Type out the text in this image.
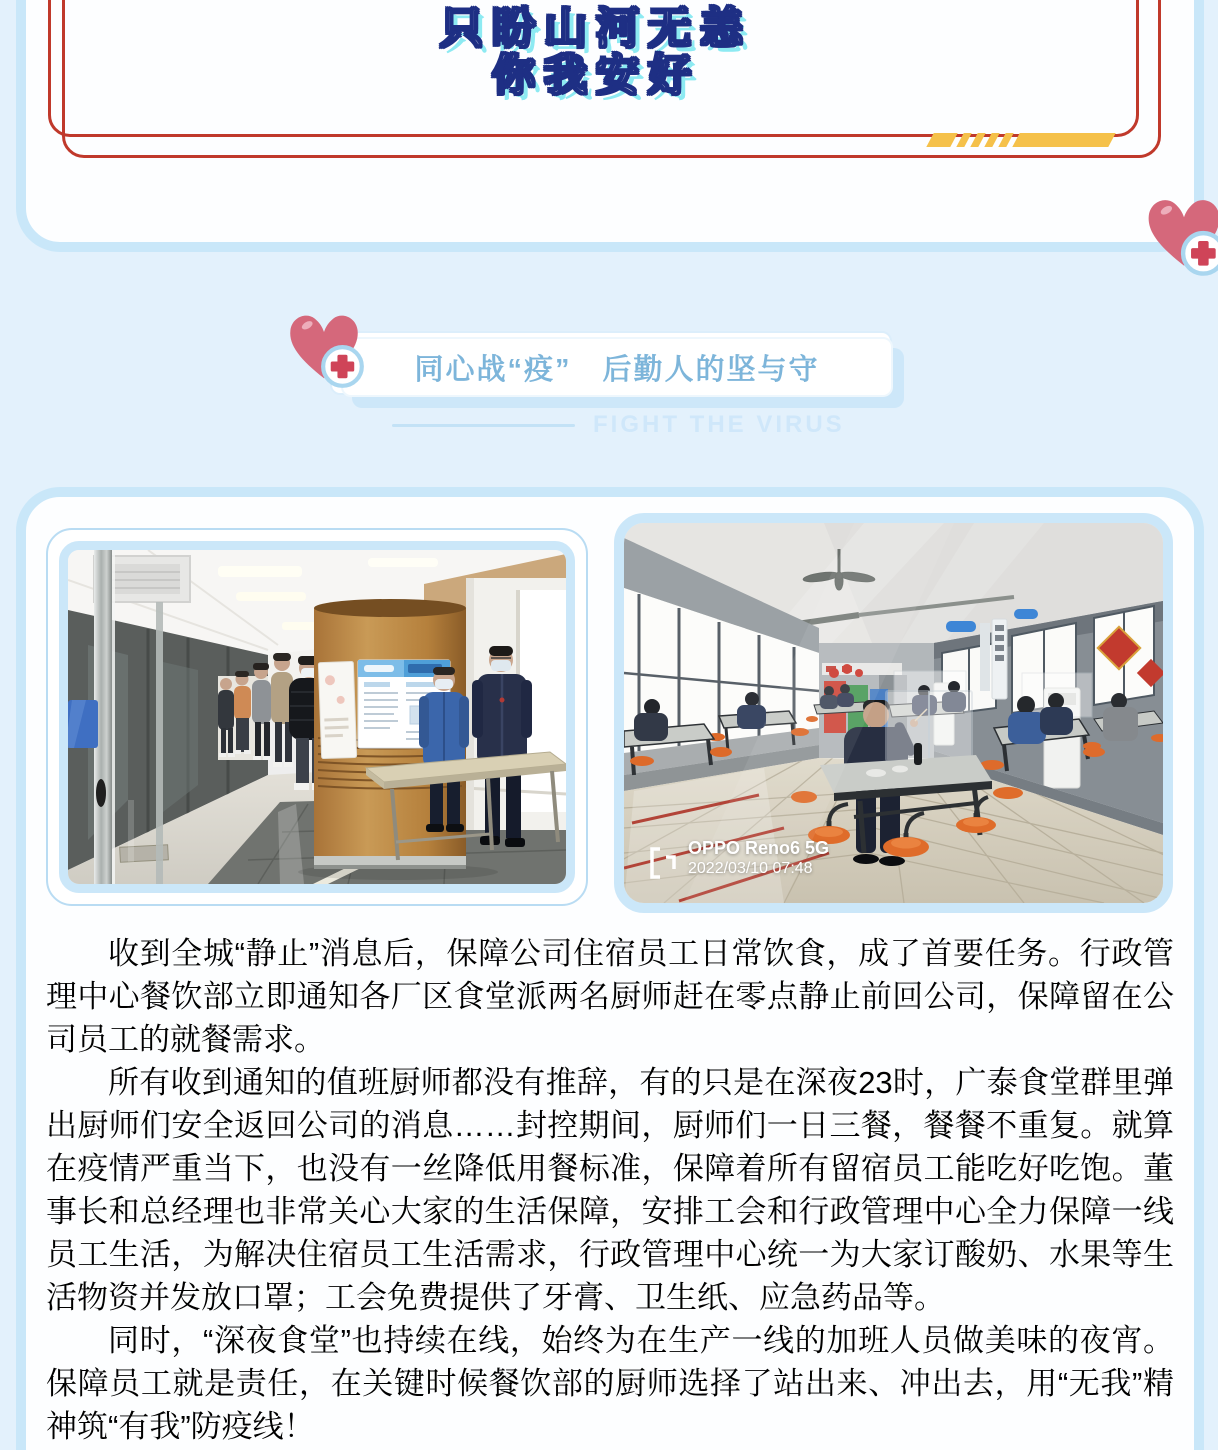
只盼山河无恙
你我安好
同心战“疫”　后勤人的坚与守
FIGHT THE VIRUS
OPPO Reno6 5G
2022/03/10 07:48

收到全城“静止”消息后，保障公司住宿员工日常饮食，成了首要任务。行政管理中心餐饮部立即通知各厂区食堂派两名厨师赶在零点静止前回公司，保障留在公司员工的就餐需求。

所有收到通知的值班厨师都没有推辞，有的只是在深夜23时，广泰食堂群里弹出厨师们安全返回公司的消息……封控期间，厨师们一日三餐，餐餐不重复。就算在疫情严重当下，也没有一丝降低用餐标准，保障着所有留宿员工能吃好吃饱。董事长和总经理也非常关心大家的生活保障，安排工会和行政管理中心全力保障一线员工生活，为解决住宿员工生活需求，行政管理中心统一为大家订酸奶、水果等生活物资并发放口罩；工会免费提供了牙膏、卫生纸、应急药品等。

同时，“深夜食堂”也持续在线，始终为在生产一线的加班人员做美味的夜宵。保障员工就是责任，在关键时候餐饮部的厨师选择了站出来、冲出去，用“无我”精神筑“有我”防疫线！
